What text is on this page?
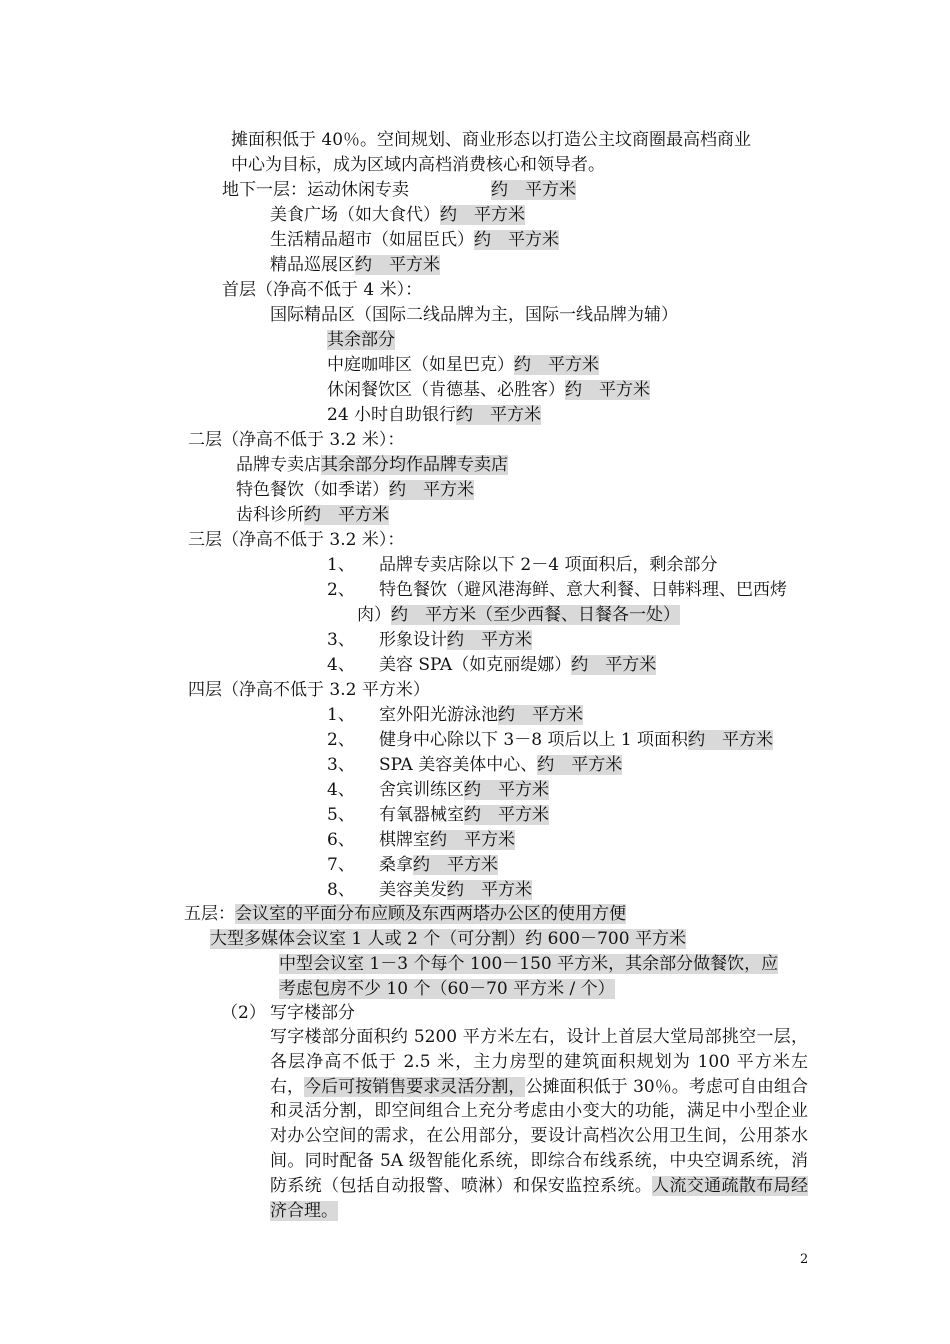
摊面积低于 40％。空间规划、商业形态以打造公主坟商圈最高档商业
中心为目标，成为区域内高档消费核心和领导者。
地下一层：运动休闲专卖	约　平方米
美食广场（如大食代）约　平方米
生活精品超市（如屈臣氏）约　平方米
精品巡展区约　平方米
首层（净高不低于 4 米）：
国际精品区（国际二线品牌为主，国际一线品牌为辅）
其余部分
中庭咖啡区（如星巴克）约　平方米
休闲餐饮区（肯德基、必胜客）约　平方米
24 小时自助银行约　平方米
二层（净高不低于 3.2 米）：
品牌专卖店其余部分均作品牌专卖店
特色餐饮（如季诺）约　平方米
齿科诊所约　平方米
三层（净高不低于 3.2 米）：
1、 品牌专卖店除以下 2－4 项面积后，剩余部分
2、 特色餐饮（避风港海鲜、意大利餐、日韩料理、巴西烤
肉）约　平方米（至少西餐、日餐各一处）
3、 形象设计约　平方米
4、 美容 SPA（如克丽缇娜）约　平方米
四层（净高不低于 3.2 平方米）
1、 室外阳光游泳池约　平方米
2、 健身中心除以下 3－8 项后以上 1 项面积约　平方米
3、 SPA 美容美体中心、约　平方米
4、 舍宾训练区约　平方米
5、 有氧器械室约　平方米
6、 棋牌室约　平方米
7、 桑拿约　平方米
8、 美容美发约　平方米
五层：会议室的平面分布应顾及东西两塔办公区的使用方便
大型多媒体会议室 1 人或 2 个（可分割）约 600－700 平方米
中型会议室 1－3 个每个 100－150 平方米，其余部分做餐饮，应
考虑包房不少 10 个（60－70 平方米 / 个）
（2） 写字楼部分
写字楼部分面积约 5200 平方米左右，设计上首层大堂局部挑空一层，各层净高不低于 2.5 米，主力房型的建筑面积规划为 100 平方米左右，今后可按销售要求灵活分割，公摊面积低于 30％。考虑可自由组合和灵活分割，即空间组合上充分考虑由小变大的功能，满足中小型企业对办公空间的需求，在公用部分，要设计高档次公用卫生间，公用茶水间。同时配备 5A 级智能化系统，即综合布线系统，中央空调系统，消防系统（包括自动报警、喷淋）和保安监控系统。人流交通疏散布局经济合理。
2
